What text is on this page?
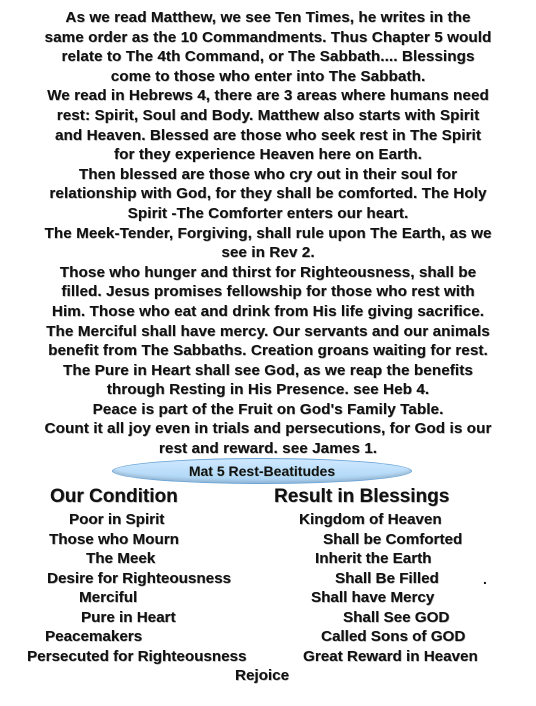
As we read Matthew, we see Ten Times, he writes in the
same order as the 10 Commandments. Thus Chapter 5 would
relate to The 4th Command, or The Sabbath.... Blessings
come to those who enter into The Sabbath.
We read in Hebrews 4, there are 3 areas where humans need
rest: Spirit, Soul and Body. Matthew also starts with Spirit
and Heaven. Blessed are those who seek rest in The Spirit
for they experience Heaven here on Earth.
Then blessed are those who cry out in their soul for
relationship with God, for they shall be comforted. The Holy
Spirit -The Comforter enters our heart.
The Meek-Tender, Forgiving, shall rule upon The Earth, as we
see in Rev 2.
Those who hunger and thirst for Righteousness, shall be
filled. Jesus promises fellowship for those who rest with
Him. Those who eat and drink from His life giving sacrifice.
The Merciful shall have mercy. Our servants and our animals
benefit from The Sabbaths. Creation groans waiting for rest.
The Pure in Heart shall see God, as we reap the benefits
through Resting in His Presence. see Heb 4.
Peace is part of the Fruit on God's Family Table.
Count it all joy even in trials and persecutions, for God is our
rest and reward. see James 1.
Mat 5 Rest-Beatitudes
Our Condition	Result in Blessings
Poor in Spirit
Those who Mourn
The Meek
Desire for Righteousness
Merciful
Pure in Heart
Peacemakers
Persecuted for Righteousness
Kingdom of Heaven
Shall be Comforted
Inherit the Earth
Shall Be Filled
Shall have Mercy
Shall See GOD
Called Sons of GOD
Great Reward in Heaven
.
Rejoice
